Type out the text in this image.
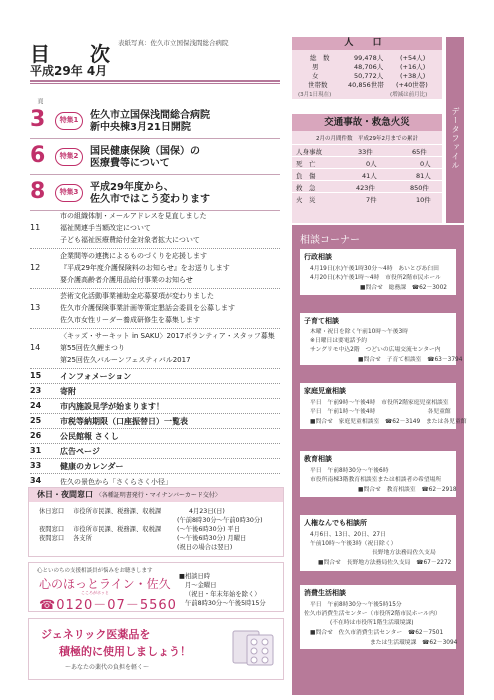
目　次
平成29年 4月
表紙写真：佐久市立国保浅間総合病院	人 口
総　数	99,478人	(+54人)
男	48,706人	(+16人)
女	50,772人	(+38人)
世帯数	40,856世帯 (+40世帯)
(3月1日現在)	(増減は前月比)
データファイル
交通事故・救急火災
2月の月間件数　平成29年2月までの累計
人身事故	33件	65件
死　亡	0人	0人
負　傷	41人	81人
救　急	423件	850件
火　災	7件	10件
相談コーナー
行政相談
4月19日(水)午後1時30分～4時　あいとぴあ臼田
4月20日(木)午後1時～4時　市役所2階市民ホール
■問合せ　総務課　☎62－3002
子育て相談
木曜・祝日を除く午前10時～午後3時
※日曜日は要電話予約
サングリモ中込2階　つどいの広場交流センター内
■問合せ　子育て相談室　☎63－3794
家庭児童相談
平日　午前9時～午後4時　市役所2階家庭児童相談室
平日　午前1時～午後4時　　　　　　　　　各児童館
■問合せ　家庭児童相談室　☎62－3149　または各児童館
教育相談
平日　午前8時30分～午後6時
市役所南棟3階教育相談室または相談者の希望場所
■問合せ　教育相談室　☎62－2918
人権なんでも相談所
4月6日、13日、20日、27日
午前10時～午後3時（祝日除く）
長野地方法務局佐久支局
■問合せ　長野地方法務局佐久支局　☎67－2272
消費生活相談
平日　午前8時30分～午後5時15分
佐久市消費生活センター（市役所2階市民ホール内）
(不在時は市役所1階生活環境課)
■問合せ　佐久市消費生活センター　☎62－7501
または生活環境課　☎62－3094
頁
3	特集1	佐久市立国保浅間総合病院
新中央棟3月21日開院
6	特集2	国民健康保険（国保）の
医療費等について
8	特集3	平成29年度から、
佐久市ではこう変わります
11
市の組織体制・メールアドレスを見直しました
福祉関連手当額改定について
子ども福祉医療費給付金対象者拡大について
12
企業間等の連携によるものづくりを応援します
『平成29年度介護保険料のお知らせ』をお送りします
要介護高齢者介護用品給付事業のお知らせ
13
芸術文化活動事業補助金応募要項が変わりました
佐久市介護保険事業計画等策定懇話会委員を公募します
佐久市女性リーダー養成研修生を募集します
14
〈キッズ・サーキット in SAKU〉2017ボランティア・スタッフ募集
第55回佐久鯉まつり
第25回佐久バルーンフェスティバル2017
15 インフォメーション
23 寄附
24 市内施設見学が始まります！
25 市税等納期限（口座振替日）一覧表
26 公民館報 さくし
31 広告ページ
33 健康のカレンダー
34	佐久の景色から「さくらさく小径」
休日・夜間窓口 〈各種証明書発行・マイナンバーカード交付〉
休日窓口 市役所市民課、税務課、収税課	4月23日(日)
(午前8時30分～午前0時30分)
夜間窓口 市役所市民課、税務課、収税課	(～午後6時30分) 平日
夜間窓口 各支所	(～午後6時30分) 月曜日
(祝日の場合は翌日)
心といのちの支援相談員が悩みをお聴きします
心のほっとライン・佐久
こころがホッと
☎0120－07－5560
■相談日時
月～金曜日
（祝日・年末年始を除く）
午前8時30分～午後5時15分
ジェネリック医薬品を
積極的に使用しましょう！
～あなたの薬代の負担を軽く～
